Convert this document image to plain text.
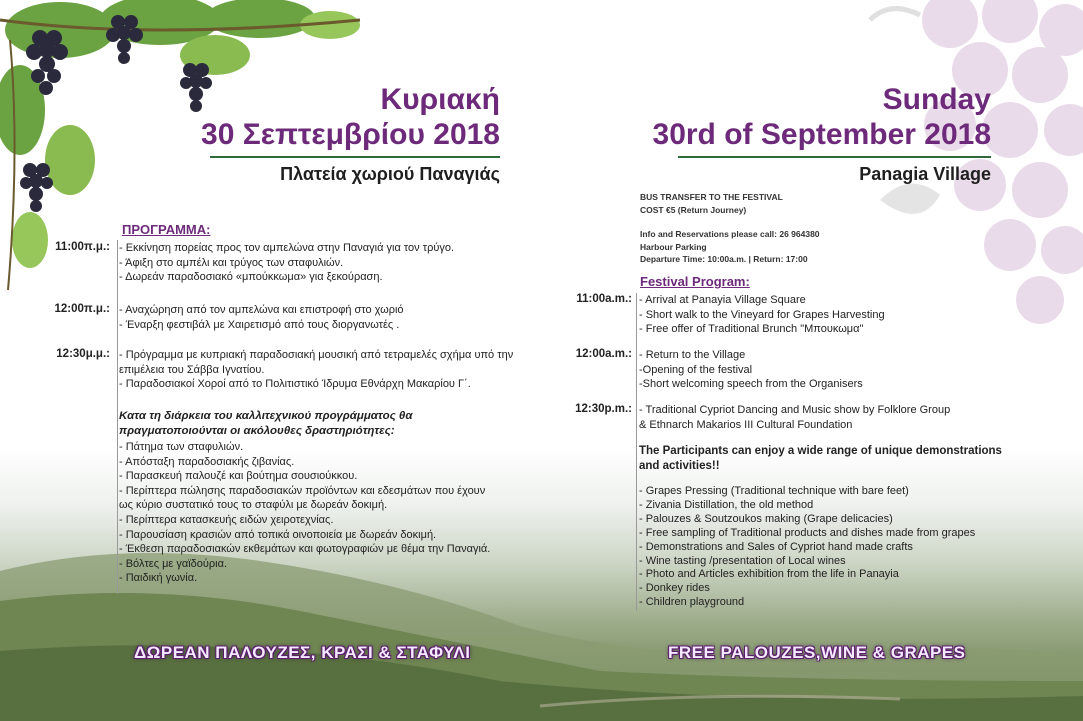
Κυριακή
30 Σεπτεμβρίου 2018
Πλατεία χωριού Παναγιάς
Sunday
30rd of September 2018
Panagia Village
ΠΡΟΓΡΑΜΜΑ:
11:00π.μ.: - Εκκίνηση πορείας προς τον αμπελώνα στην Παναγιά για τον τρύγο.
- Άφιξη στο αμπέλι και τρύγος των σταφυλιών.
- Δωρεάν παραδοσιακό «μπούκκωμα» για ξεκούραση.
12:00π.μ.: - Αναχώρηση από τον αμπελώνα και επιστροφή στο χωριό
- Έναρξη φεστιβάλ με Χαιρετισμό από τους διοργανωτές .
12:30μ.μ.: - Πρόγραμμα με κυπριακή παραδοσιακή μουσική από τετραμελές σχήμα υπό την
επιμέλεια του Σάββα Ιγνατίου.
- Παραδοσιακοί Χοροί από το Πολιτιστικό Ίδρυμα Εθνάρχη Μακαρίου Γ΄.
Κατα τη διάρκεια του καλλιτεχνικού προγράμματος θα
πραγματοποιούνται οι ακόλουθες δραστηριότητες:
- Πάτημα των σταφυλιών.
- Απόσταξη παραδοσιακής ζιβανίας.
- Παρασκευή παλουζέ και βούτημα σουσιούκκου.
- Περίπτερα πώλησης παραδοσιακών προϊόντων και εδεσμάτων που έχουν
ως κύριο συστατικό τους το σταφύλι με δωρεάν δοκιμή.
- Περίπτερα κατασκευής ειδών χειροτεχνίας.
- Παρουσίαση κρασιών από τοπικά οινοποιεία με δωρεάν δοκιμή.
- Έκθεση παραδοσιακών εκθεμάτων και φωτογραφιών με θέμα την Παναγιά.
- Βόλτες με γαϊδούρια.
- Παιδική γωνία.
BUS TRANSFER TO THE FESTIVAL
COST €5 (Return Journey)
Info and Reservations please call: 26 964380
Harbour Parking
Departure Time: 10:00a.m. | Return: 17:00
Festival Program:
11:00a.m.: - Arrival at Panayia Village Square
- Short walk to the Vineyard for Grapes Harvesting
- Free offer of Traditional Brunch "Μπουκωμα"
12:00a.m.: - Return to the Village
-Opening of the festival
-Short welcoming speech from the Organisers
12:30p.m.: - Traditional Cypriot Dancing and Music show by Folklore Group
& Ethnarch Makarios III Cultural Foundation
The Participants can enjoy a wide range of unique demonstrations
and activities!!
- Grapes Pressing (Traditional technique with bare feet)
- Zivania Distillation, the old method
- Palouzes & Soutzoukos making (Grape delicacies)
- Free sampling of Traditional products and dishes made from grapes
- Demonstrations and Sales of Cypriot hand made crafts
- Wine tasting /presentation of Local wines
- Photo and Articles exhibition from the life in Panayia
- Donkey rides
- Children playground
ΔΩΡΕΑΝ ΠΑΛΟΥΖΕΣ, ΚΡΑΣΙ & ΣΤΑΦΥΛΙ	FREE PALOUZES,WINE & GRAPES
